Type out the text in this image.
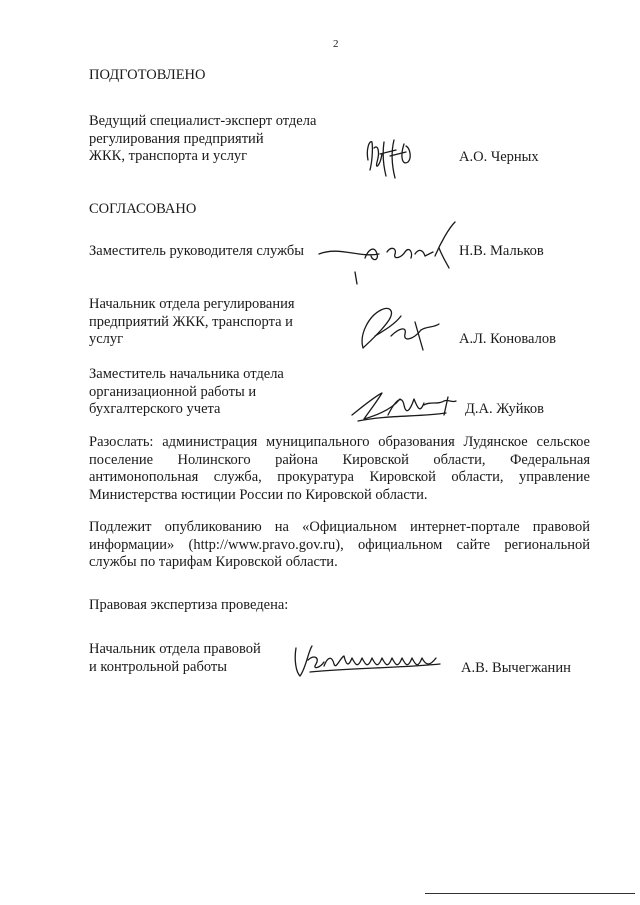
2
ПОДГОТОВЛЕНО
Ведущий специалист-эксперт отдела
регулирования предприятий
ЖКК, транспорта и услуг	А.О. Черных
СОГЛАСОВАНО
Заместитель руководителя службы	Н.В. Мальков
Начальник отдела регулирования
предприятий ЖКК, транспорта и
услуг	А.Л. Коновалов
Заместитель начальника отдела
организационной работы и
бухгалтерского учета	Д.А. Жуйков
Разослать: администрация муниципального образования Лудянское сельское поселение Нолинского района Кировской области, Федеральная антимонопольная служба, прокуратура Кировской области, управление Министерства юстиции России по Кировской области.
Подлежит опубликованию на «Официальном интернет-портале правовой информации» (http://www.pravo.gov.ru), официальном сайте региональной службы по тарифам Кировской области.
Правовая экспертиза проведена:
Начальник отдела правовой
и контрольной работы	А.В. Вычегжанин
